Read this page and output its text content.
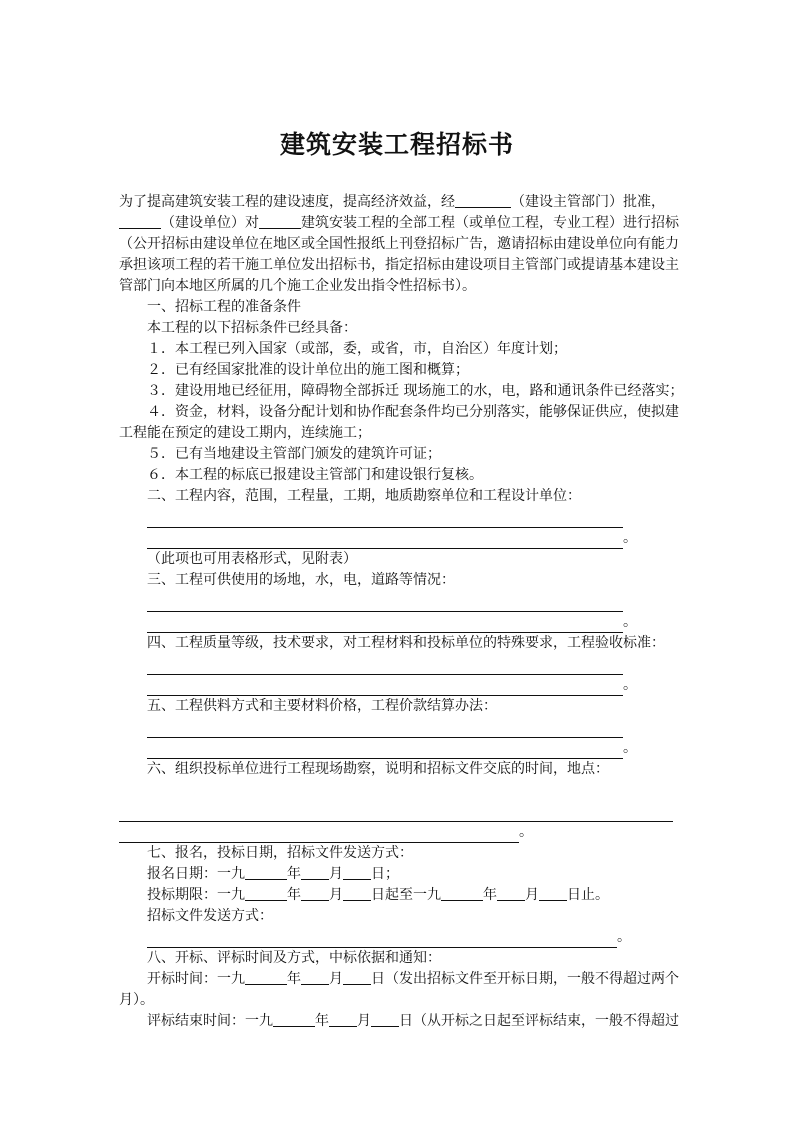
建筑安装工程招标书
为了提高建筑安装工程的建设速度，提高经济效益，经	（建设主管部门）批准，
（建设单位）对	建筑安装工程的全部工程（或单位工程，专业工程）进行招标
（公开招标由建设单位在地区或全国性报纸上刊登招标广告，邀请招标由建设单位向有能力
承担该项工程的若干施工单位发出招标书，指定招标由建设项目主管部门或提请基本建设主
管部门向本地区所属的几个施工企业发出指令性招标书）。
一、招标工程的准备条件
本工程的以下招标条件已经具备：
１．本工程已列入国家（或部，委，或省，市，自治区）年度计划；
２．已有经国家批准的设计单位出的施工图和概算；
３．建设用地已经征用，障碍物全部拆迁 现场施工的水，电，路和通讯条件已经落实；
４．资金，材料，设备分配计划和协作配套条件均已分别落实，能够保证供应，使拟建
工程能在预定的建设工期内，连续施工；
５．已有当地建设主管部门颁发的建筑许可证；
６．本工程的标底已报建设主管部门和建设银行复核。
二、工程内容，范围，工程量，工期，地质勘察单位和工程设计单位：
。
（此项也可用表格形式，见附表）
三、工程可供使用的场地，水，电，道路等情况：
。
四、工程质量等级，技术要求，对工程材料和投标单位的特殊要求，工程验收标准：
。
五、工程供料方式和主要材料价格，工程价款结算办法：
。
六、组织投标单位进行工程现场勘察，说明和招标文件交底的时间，地点：
。
七、报名，投标日期，招标文件发送方式：
报名日期：一九	年 月 日；
投标期限：一九	年 月 日起至一九	年 月 日止。
招标文件发送方式：
。
八、开标、评标时间及方式，中标依据和通知：
开标时间：一九	年 月 日（发出招标文件至开标日期，一般不得超过两个
月）。
评标结束时间：一九	年 月 日（从开标之日起至评标结束，一般不得超过
